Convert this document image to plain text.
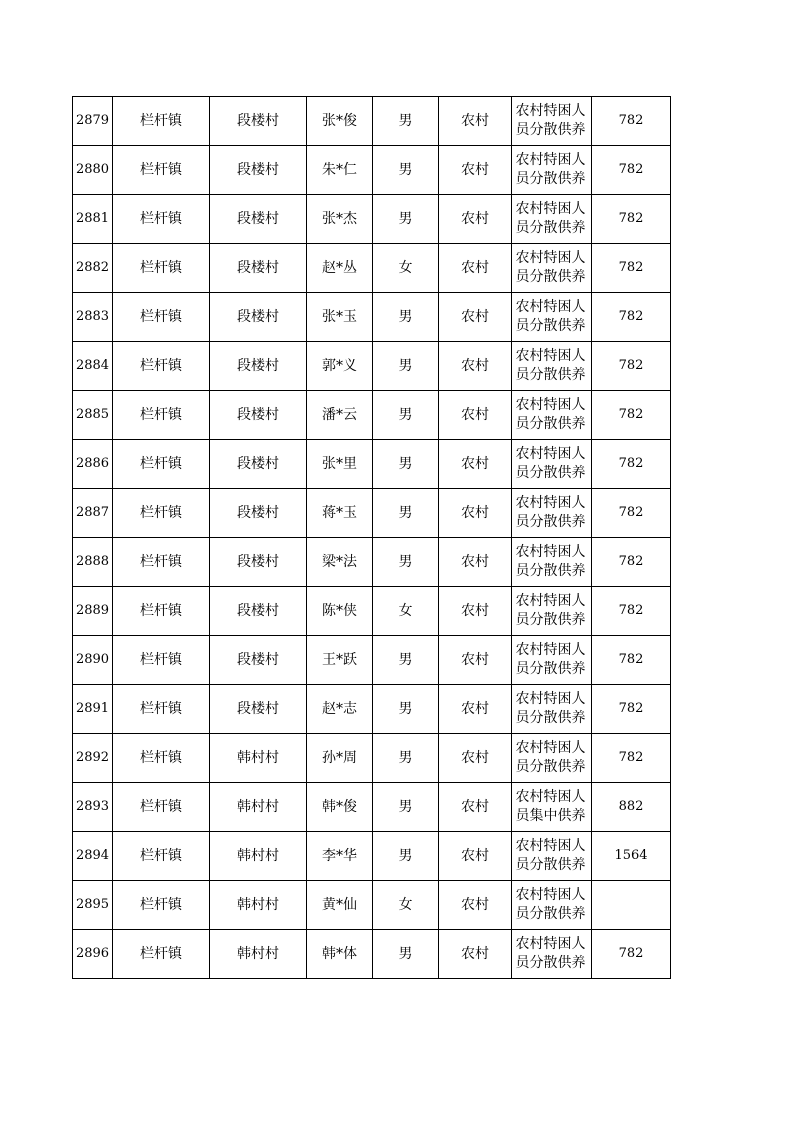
2879	栏杆镇	段楼村	张*俊	男	农村	农村特困人员分散供养	782
2880	栏杆镇	段楼村	朱*仁	男	农村	农村特困人员分散供养	782
2881	栏杆镇	段楼村	张*杰	男	农村	农村特困人员分散供养	782
2882	栏杆镇	段楼村	赵*丛	女	农村	农村特困人员分散供养	782
2883	栏杆镇	段楼村	张*玉	男	农村	农村特困人员分散供养	782
2884	栏杆镇	段楼村	郭*义	男	农村	农村特困人员分散供养	782
2885	栏杆镇	段楼村	潘*云	男	农村	农村特困人员分散供养	782
2886	栏杆镇	段楼村	张*里	男	农村	农村特困人员分散供养	782
2887	栏杆镇	段楼村	蒋*玉	男	农村	农村特困人员分散供养	782
2888	栏杆镇	段楼村	梁*法	男	农村	农村特困人员分散供养	782
2889	栏杆镇	段楼村	陈*侠	女	农村	农村特困人员分散供养	782
2890	栏杆镇	段楼村	王*跃	男	农村	农村特困人员分散供养	782
2891	栏杆镇	段楼村	赵*志	男	农村	农村特困人员分散供养	782
2892	栏杆镇	韩村村	孙*周	男	农村	农村特困人员分散供养	782
2893	栏杆镇	韩村村	韩*俊	男	农村	农村特困人员集中供养	882
2894	栏杆镇	韩村村	李*华	男	农村	农村特困人员分散供养	1564
2895	栏杆镇	韩村村	黄*仙	女	农村	农村特困人员分散供养	
2896	栏杆镇	韩村村	韩*体	男	农村	农村特困人员分散供养	782
